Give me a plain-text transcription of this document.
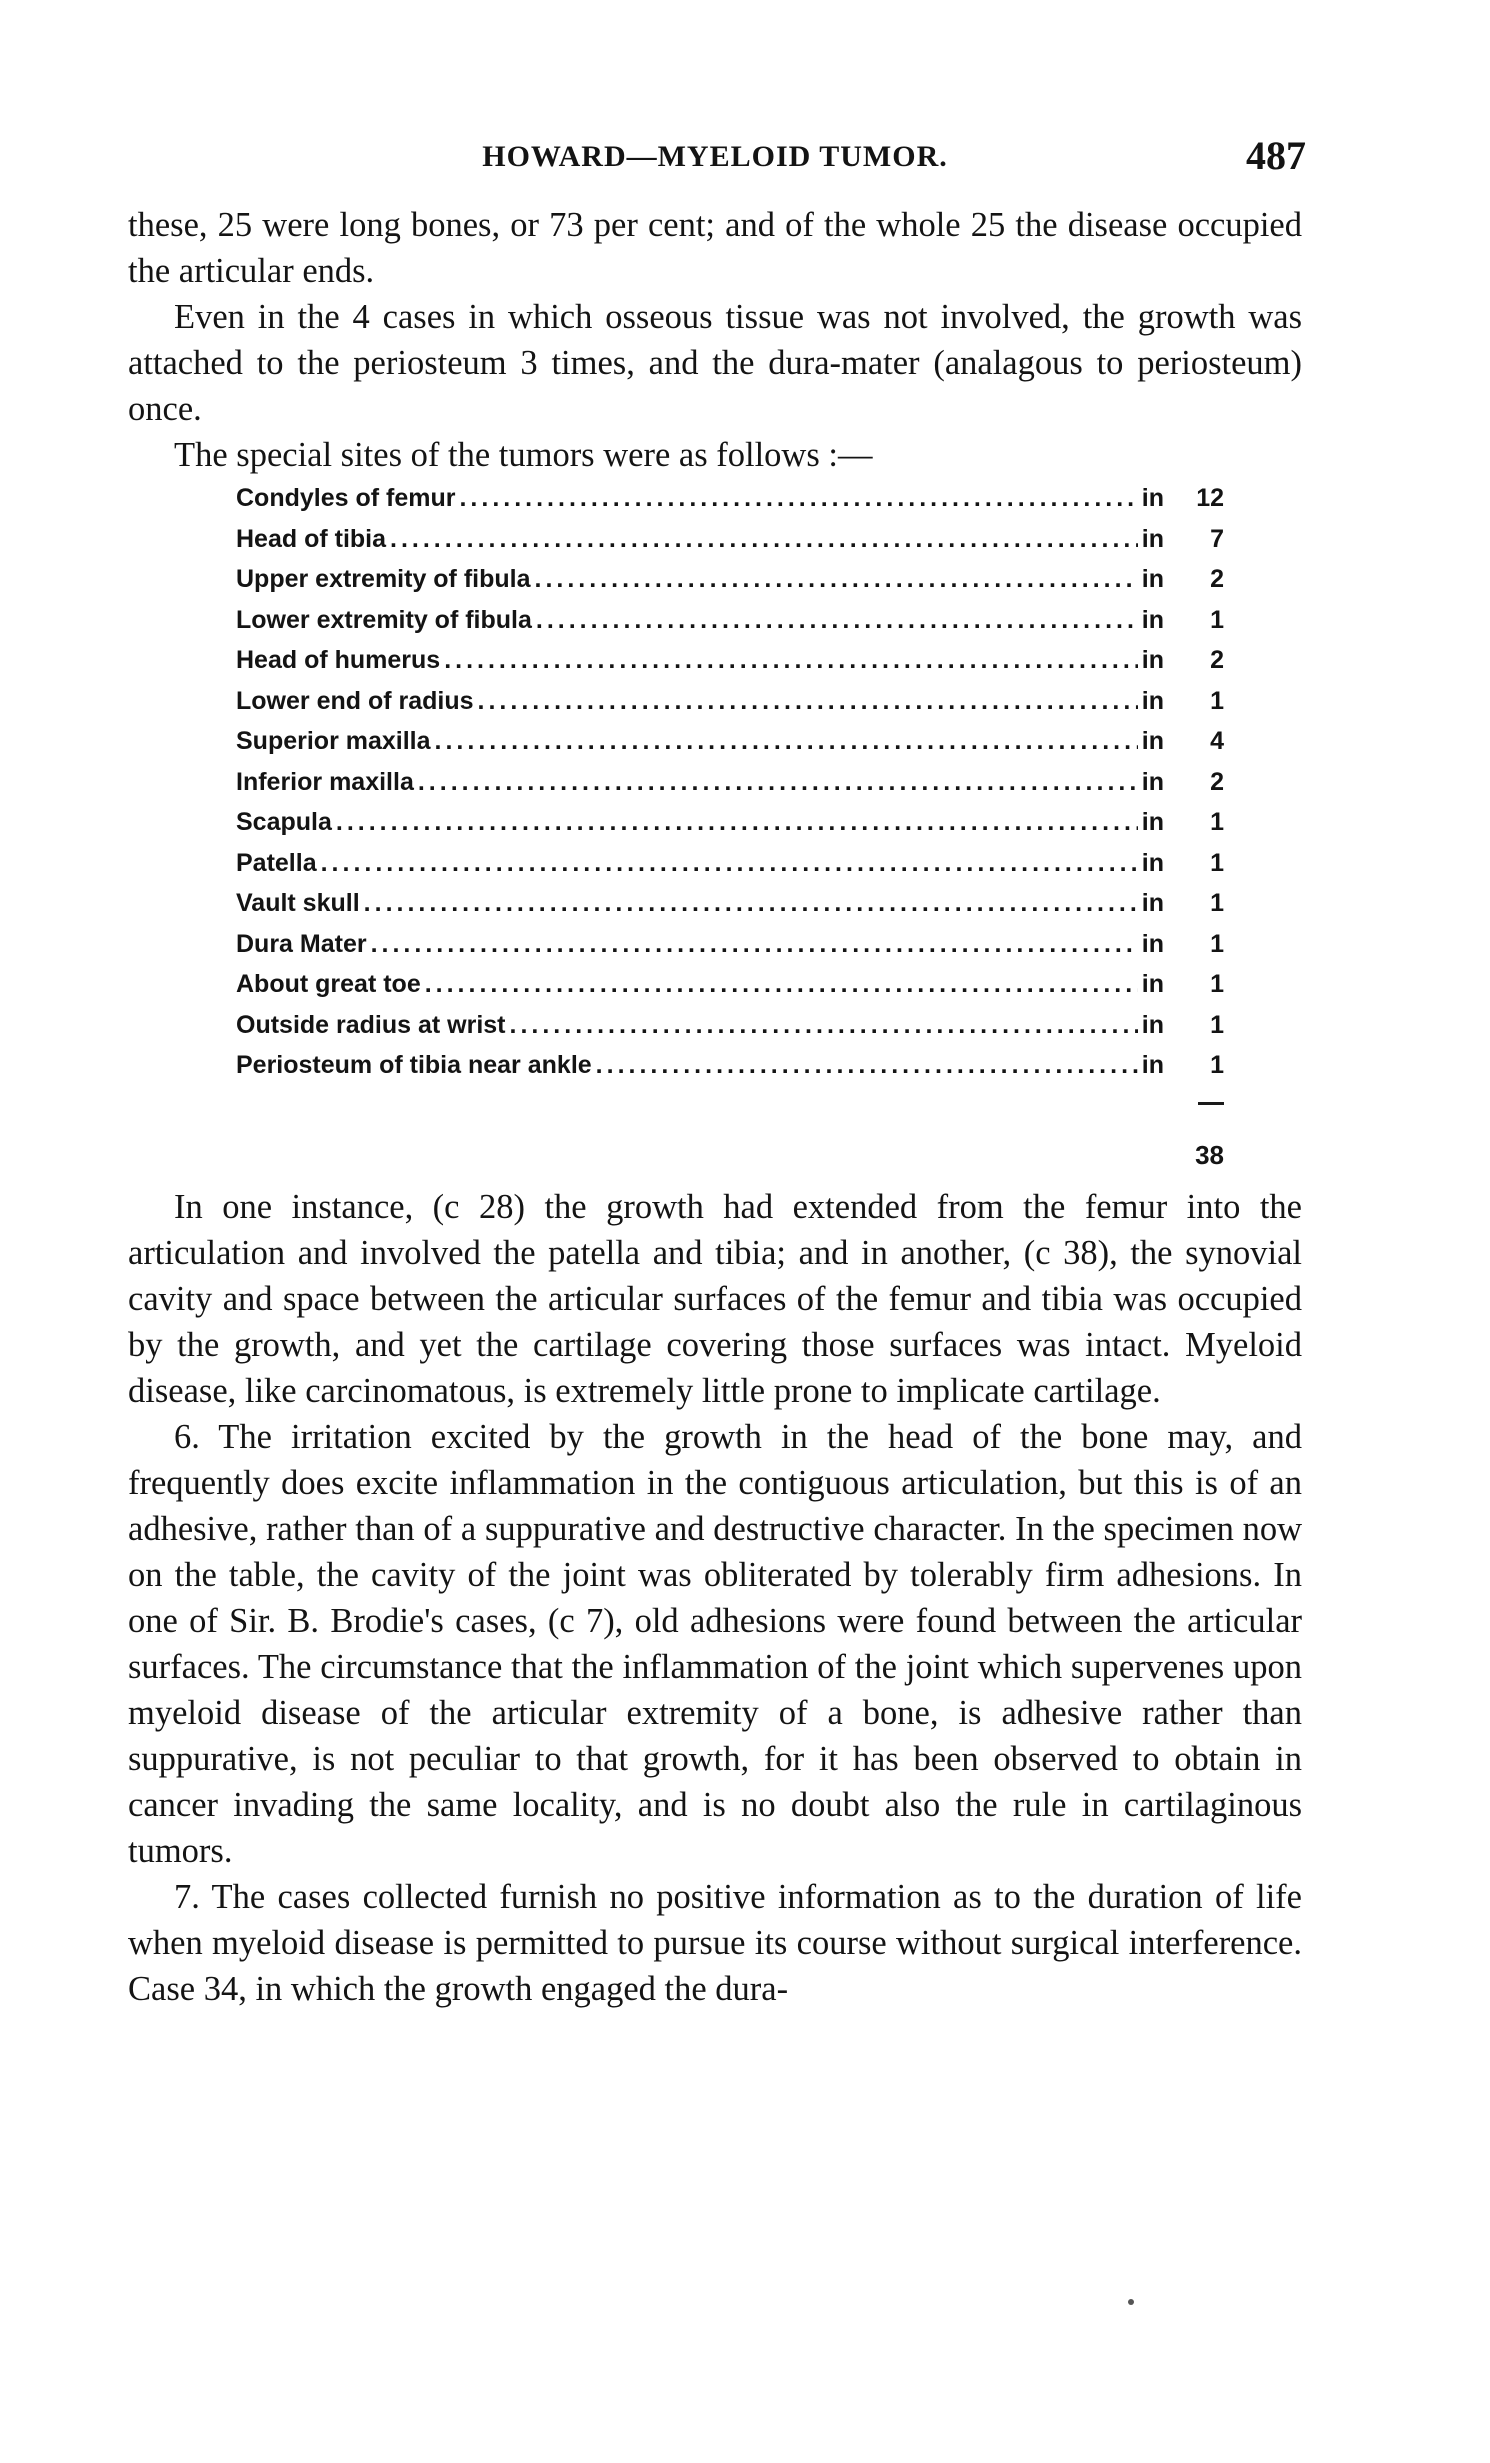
HOWARD—MYELOID TUMOR.	487

these, 25 were long bones, or 73 per cent; and of the whole 25 the disease occupied the articular ends.

Even in the 4 cases in which osseous tissue was not involved, the growth was attached to the periosteum 3 times, and the dura-mater (analagous to periosteum) once.

The special sites of the tumors were as follows :—

Condyles of femur .....	in	12
Head of tibia .....	in	7
Upper extremity of fibula .....	in	2
Lower extremity of fibula .....	in	1
Head of humerus .....	in	2
Lower end of radius .....	in	1
Superior maxilla .....	in	4
Inferior maxilla .....	in	2
Scapula .....	in	1
Patella .....	in	1
Vault skull .....	in	1
Dura Mater .....	in	1
About great toe .....	in	1
Outside radius at wrist .....	in	1
Periosteum of tibia near ankle .....	in	1
38

In one instance, (c 28) the growth had extended from the femur into the articulation and involved the patella and tibia; and in another, (c 38), the synovial cavity and space between the articular surfaces of the femur and tibia was occupied by the growth, and yet the cartilage covering those surfaces was intact. Myeloid disease, like carcinomatous, is extremely little prone to implicate cartilage.

6. The irritation excited by the growth in the head of the bone may, and frequently does excite inflammation in the contiguous articulation, but this is of an adhesive, rather than of a suppurative and destructive character. In the specimen now on the table, the cavity of the joint was obliterated by tolerably firm adhesions. In one of Sir. B. Brodie's cases, (c 7), old adhesions were found between the articular surfaces. The circumstance that the inflammation of the joint which supervenes upon myeloid disease of the articular extremity of a bone, is adhesive rather than suppurative, is not peculiar to that growth, for it has been observed to obtain in cancer invading the same locality, and is no doubt also the rule in cartilaginous tumors.

7. The cases collected furnish no positive information as to the duration of life when myeloid disease is permitted to pursue its course without surgical interference. Case 34, in which the growth engaged the dura-
